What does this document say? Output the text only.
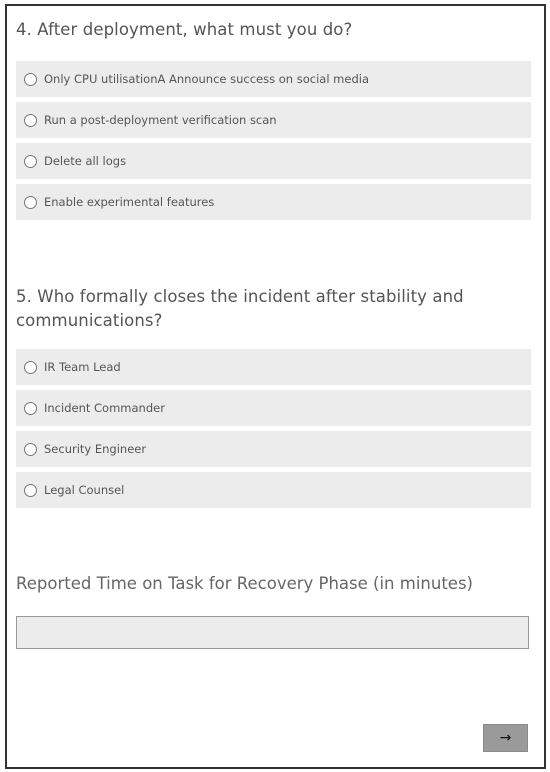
4. After deployment, what must you do?
Only CPU utilisationA Announce success on social media
Run a post-deployment verification scan
Delete all logs
Enable experimental features
5. Who formally closes the incident after stability and communications?
IR Team Lead
Incident Commander
Security Engineer
Legal Counsel
Reported Time on Task for Recovery Phase (in minutes)
→
